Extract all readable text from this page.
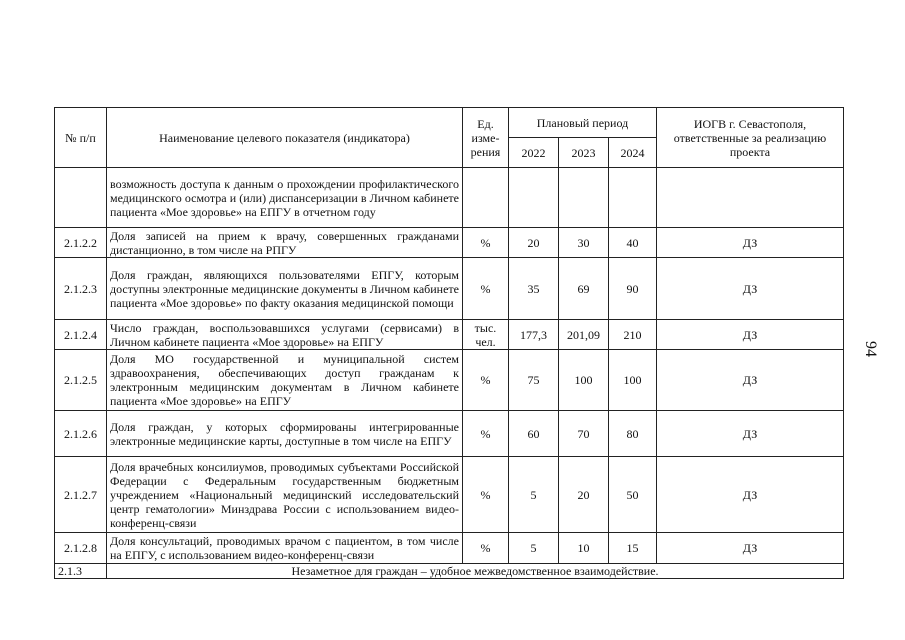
№ п/п	Наименование целевого показателя (индикатора)	Ед. изме-рения	Плановый период			ИОГВ г. Севастополя, ответственные за реализацию проекта
			2022	2023	2024	
	возможность доступа к данным о прохождении профилактического медицинского осмотра и (или) диспансеризации в Личном кабинете пациента «Мое здоровье» на ЕПГУ в отчетном году					
2.1.2.2	Доля записей на прием к врачу, совершенных гражданами дистанционно, в том числе на РПГУ	%	20	30	40	ДЗ
2.1.2.3	Доля граждан, являющихся пользователями ЕПГУ, которым доступны электронные медицинские документы в Личном кабинете пациента «Мое здоровье» по факту оказания медицинской помощи	%	35	69	90	ДЗ
2.1.2.4	Число граждан, воспользовавшихся услугами (сервисами) в Личном кабинете пациента «Мое здоровье» на ЕПГУ	тыс. чел.	177,3	201,09	210	ДЗ
2.1.2.5	Доля МО государственной и муниципальной систем здравоохранения, обеспечивающих доступ гражданам к электронным медицинским документам в Личном кабинете пациента «Мое здоровье» на ЕПГУ	%	75	100	100	ДЗ
2.1.2.6	Доля граждан, у которых сформированы интегрированные электронные медицинские карты, доступные в том числе на ЕПГУ	%	60	70	80	ДЗ
2.1.2.7	Доля врачебных консилиумов, проводимых субъектами Российской Федерации с Федеральным государственным бюджетным учреждением «Национальный медицинский исследовательский центр гематологии» Минздрава России с использованием видео-конференц-связи	%	5	20	50	ДЗ
2.1.2.8	Доля консультаций, проводимых врачом с пациентом, в том числе на ЕПГУ, с использованием видео-конференц-связи	%	5	10	15	ДЗ
2.1.3	Незаметное для граждан – удобное межведомственное взаимодействие.					
94
